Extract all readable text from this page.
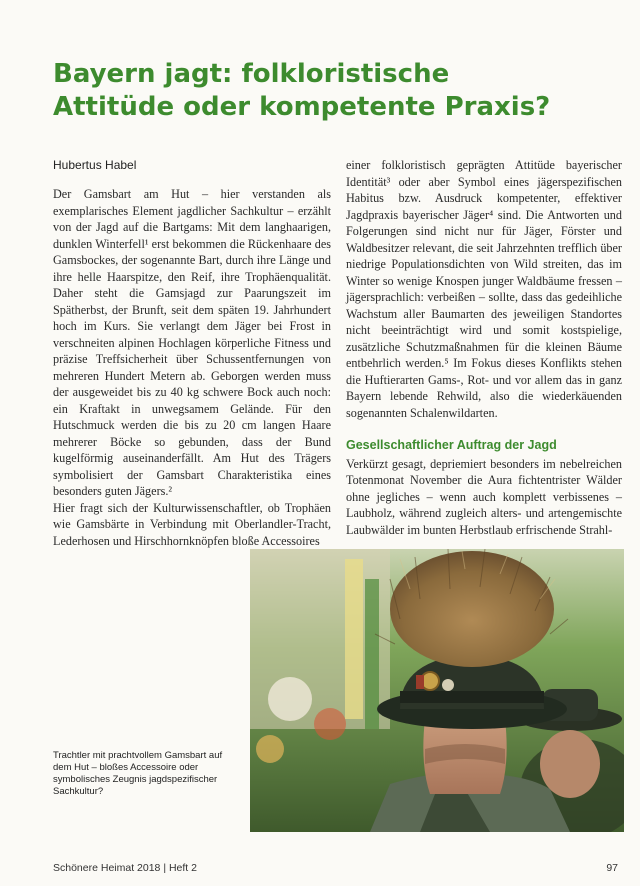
Bayern jagt: folkloristische Attitüde oder kompetente Praxis?
Hubertus Habel

Der Gamsbart am Hut – hier verstanden als exemplarisches Element jagdlicher Sachkultur – erzählt von der Jagd auf die Bartgams: Mit dem langhaarigen, dunklen Winterfell¹ erst bekommen die Rückenhaare des Gamsbockes, der sogenannte Bart, durch ihre Länge und ihre helle Haarspitze, den Reif, ihre Trophäenqualität. Daher steht die Gamsjagd zur Paarungszeit im Spätherbst, der Brunft, seit dem späten 19. Jahrhundert hoch im Kurs. Sie verlangt dem Jäger bei Frost in verschneiten alpinen Hochlagen körperliche Fitness und präzise Treffsicherheit über Schussentfernungen von mehreren Hundert Metern ab. Geborgen werden muss der ausgeweidet bis zu 40 kg schwere Bock auch noch: ein Kraftakt in unwegsamem Gelände. Für den Hutschmuck werden die bis zu 20 cm langen Haare mehrerer Böcke so gebunden, dass der Bund kugelförmig auseinanderfällt. Am Hut des Trägers symbolisiert der Gamsbart Charakteristika eines besonders guten Jägers.²

Hier fragt sich der Kulturwissenschaftler, ob Trophäen wie Gamsbärte in Verbindung mit Oberlandler-Tracht, Lederhosen und Hirschhornknöpfen bloße Accessoires

einer folkloristisch geprägten Attitüde bayerischer Identität³ oder aber Symbol eines jägerspezifischen Habitus bzw. Ausdruck kompetenter, effektiver Jagdpraxis bayerischer Jäger⁴ sind. Die Antworten und Folgerungen sind nicht nur für Jäger, Förster und Waldbesitzer relevant, die seit Jahrzehnten trefflich über niedrige Populationsdichten von Wild streiten, das im Winter so wenige Knospen junger Waldbäume fressen – jägersprachlich: verbeißen – sollte, dass das gedeihliche Wachstum aller Baumarten des jeweiligen Standortes nicht beeinträchtigt wird und somit kostspielige, zusätzliche Schutzmaßnahmen für die kleinen Bäume entbehrlich werden.⁵ Im Fokus dieses Konflikts stehen die Huftierarten Gams-, Rot- und vor allem das in ganz Bayern lebende Rehwild, also die wiederkäuenden sogenannten Schalenwildarten.

Gesellschaftlicher Auftrag der Jagd

Verkürzt gesagt, depriemiert besonders im nebelreichen Totenmonat November die Aura fichtentrister Wälder ohne jegliches – wenn auch komplett verbissenes – Laubholz, während zugleich alters- und artengemischte Laubwälder im bunten Herbstlaub erfrischende Strahl-

Trachtler mit prachtvollem Gamsbart auf dem Hut – bloßes Accessoire oder symbolisches Zeugnis jagdspezifischer Sachkultur?
Schönere Heimat 2018 | Heft 2	97
